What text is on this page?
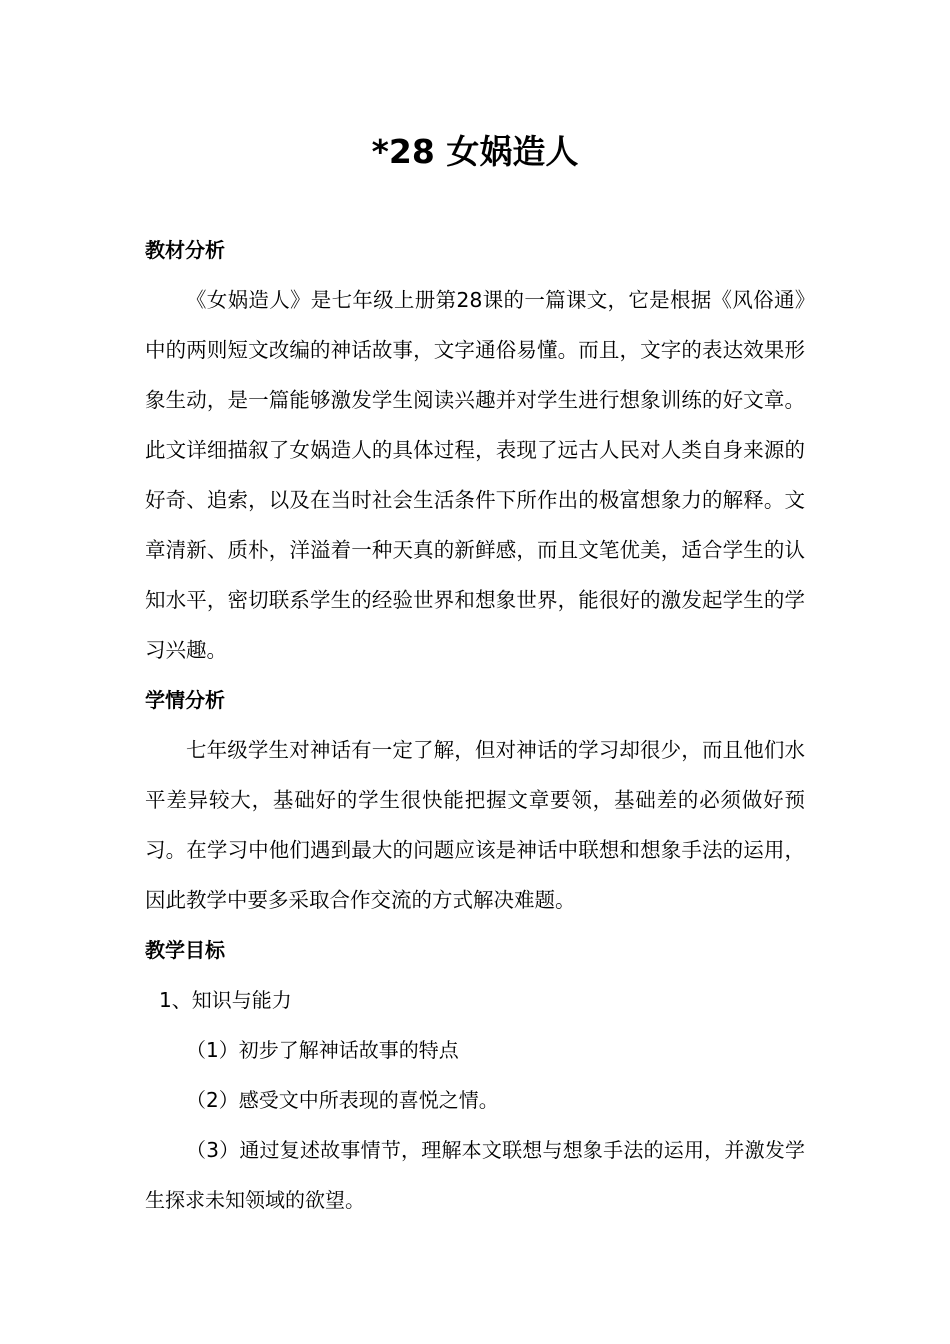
*28 女娲造人
教材分析

《女娲造人》是七年级上册第28课的一篇课文，它是根据《风俗通》中的两则短文改编的神话故事，文字通俗易懂。而且，文字的表达效果形象生动，是一篇能够激发学生阅读兴趣并对学生进行想象训练的好文章。此文详细描叙了女娲造人的具体过程，表现了远古人民对人类自身来源的好奇、追索，以及在当时社会生活条件下所作出的极富想象力的解释。文章清新、质朴，洋溢着一种天真的新鲜感，而且文笔优美，适合学生的认知水平，密切联系学生的经验世界和想象世界，能很好的激发起学生的学习兴趣。

学情分析

七年级学生对神话有一定了解，但对神话的学习却很少，而且他们水平差异较大，基础好的学生很快能把握文章要领，基础差的必须做好预习。在学习中他们遇到最大的问题应该是神话中联想和想象手法的运用，因此教学中要多采取合作交流的方式解决难题。

教学目标

1、知识与能力

（1）初步了解神话故事的特点

（2）感受文中所表现的喜悦之情。

（3）通过复述故事情节，理解本文联想与想象手法的运用，并激发学生探求未知领域的欲望。
